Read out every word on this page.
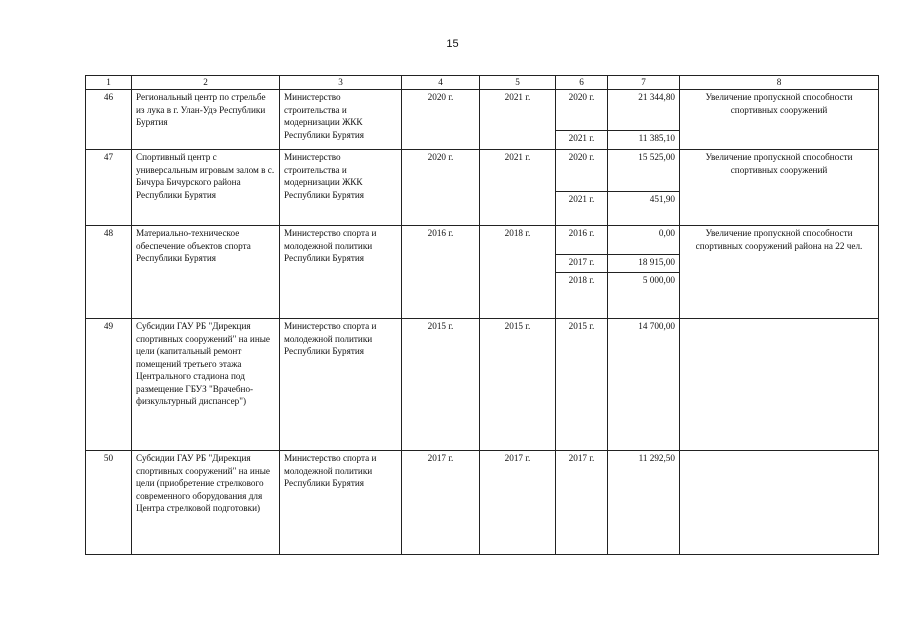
15
1	2	3	4	5	6	7	8
46	Региональный центр по стрельбе из лука в г. Улан-Удэ Республики Бурятия	Министерство строительства и модернизации ЖКК Республики Бурятия	2020 г.	2021 г.	2020 г.	21 344,80	Увеличение пропускной способности спортивных сооружений
					2021 г.	11 385,10	
47	Спортивный центр с универсальным игровым залом в с. Бичура Бичурского района Республики Бурятия	Министерство строительства и модернизации ЖКК Республики Бурятия	2020 г.	2021 г.	2020 г.	15 525,00	Увеличение пропускной способности спортивных сооружений
					2021 г.	451,90	
48	Материально-техническое обеспечение объектов спорта Республики Бурятия	Министерство спорта и молодежной политики Республики Бурятия	2016 г.	2018 г.	2016 г.	0,00	Увеличение пропускной способности спортивных сооружений района на 22 чел.
					2017 г.	18 915,00	
					2018 г.	5 000,00	
49	Субсидии ГАУ РБ "Дирекция спортивных сооружений" на иные цели (капитальный ремонт помещений третьего этажа Центрального стадиона под размещение ГБУЗ "Врачебно-физкультурный диспансер")	Министерство спорта и молодежной политики Республики Бурятия	2015 г.	2015 г.	2015 г.	14 700,00	
50	Субсидии ГАУ РБ "Дирекция спортивных сооружений" на иные цели (приобретение стрелкового современного оборудования для Центра стрелковой подготовки)	Министерство спорта и молодежной политики Республики Бурятия	2017 г.	2017 г.	2017 г.	11 292,50	
